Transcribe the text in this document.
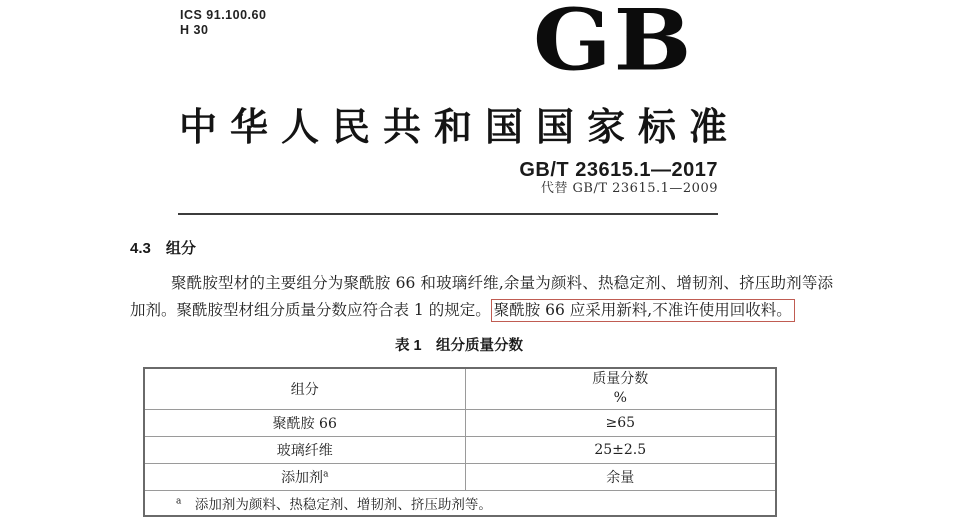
ICS 91.100.60
H 30	GB
中华人民共和国国家标准
GB/T 23615.1—2017
代替 GB/T 23615.1—2009
4.3　组分

聚酰胺型材的主要组分为聚酰胺 66 和玻璃纤维,余量为颜料、热稳定剂、增韧剂、挤压助剂等添加剂。聚酰胺型材组分质量分数应符合表 1 的规定。 聚酰胺 66 应采用新料,不准许使用回收料。

表 1　组分质量分数
组分	质量分数
%

聚酰胺 66	≥65
玻璃纤维	25±2.5
添加剂$^a$	余量
$^a$　添加剂为颜料、热稳定剂、增韧剂、挤压助剂等。	
